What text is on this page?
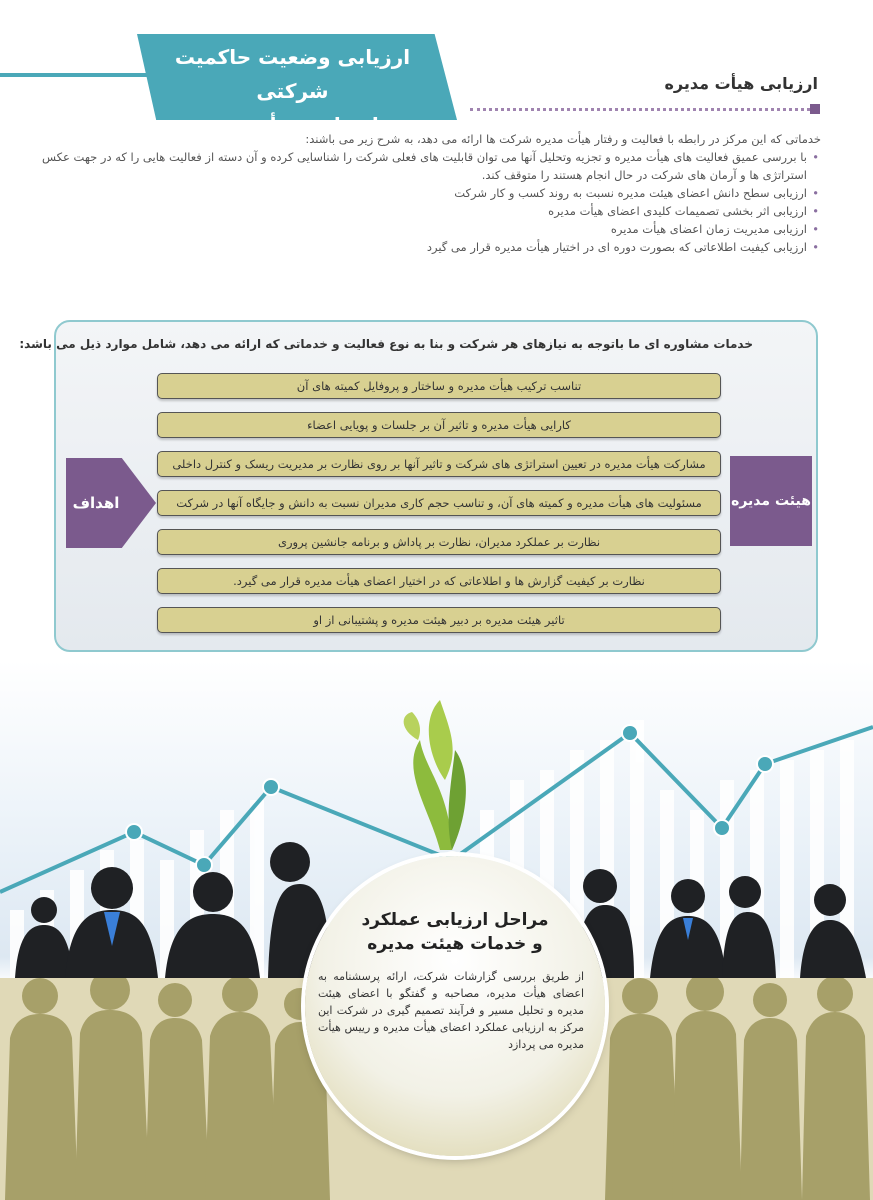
ارزیابی وضعیت حاکمیت شرکتی
و ارزیابی هیأت مدیره
ارزیابی هیأت مدیره
خدماتی که این مرکز در رابطه با فعالیت و رفتار هیأت مدیره شرکت ها ارائه می دهد، به شرح زیر می باشند:
• با بررسی عمیق فعالیت های هیأت مدیره و تجزیه وتحلیل آنها می توان قابلیت های فعلی شرکت را شناسایی کرده و آن دسته از فعالیت هایی را که در جهت عکس استراتژی ها و آرمان های شرکت در حال انجام هستند را متوقف کند.
• ارزیابی سطح دانش اعضای هیئت مدیره نسبت به روند کسب و کار شرکت
• ارزیابی اثر بخشی تصمیمات کلیدی اعضای هیأت مدیره
• ارزیابی مدیریت زمان اعضای هیأت مدیره
• ارزیابی کیفیت اطلاعاتی که بصورت دوره ای در اختیار هیأت مدیره قرار می گیرد
خدمات مشاوره ای ما باتوجه به نیازهای هر شرکت و بنا به نوع فعالیت و خدماتی که ارائه می دهد، شامل موارد ذیل می باشد:
تناسب ترکیب هیأت مدیره و ساختار و پروفایل کمیته های آن
کارایی هیأت مدیره و تاثیر آن بر جلسات و پویایی اعضاء
مشارکت هیأت مدیره در تعیین استراتژی های شرکت و تاثیر آنها بر روی نظارت بر مدیریت ریسک و کنترل داخلی
مسئولیت های هیأت مدیره و کمیته های آن، و تناسب حجم کاری مدیران نسبت به دانش و جایگاه آنها در شرکت
نظارت بر عملکرد مدیران، نظارت بر پاداش و برنامه جانشین پروری
نظارت بر کیفیت گزارش ها و اطلاعاتی که در اختیار اعضای هیأت مدیره قرار می گیرد.
تاثیر هیئت مدیره بر دبیر هیئت مدیره و پشتیبانی از او
اهداف	هیئت مدیره
مراحل ارزیابی عملکرد
و خدمات هیئت مدیره
از طریق بررسی گزارشات شرکت، ارائه پرسشنامه به اعضای هیأت مدیره، مصاحبه و گفتگو با اعضای هیئت مدیره و تحلیل مسیر و فرآیند تصمیم گیری در شرکت این مرکز به ارزیابی عملکرد اعضای هیأت مدیره و رییس هیأت مدیره می پردازد
